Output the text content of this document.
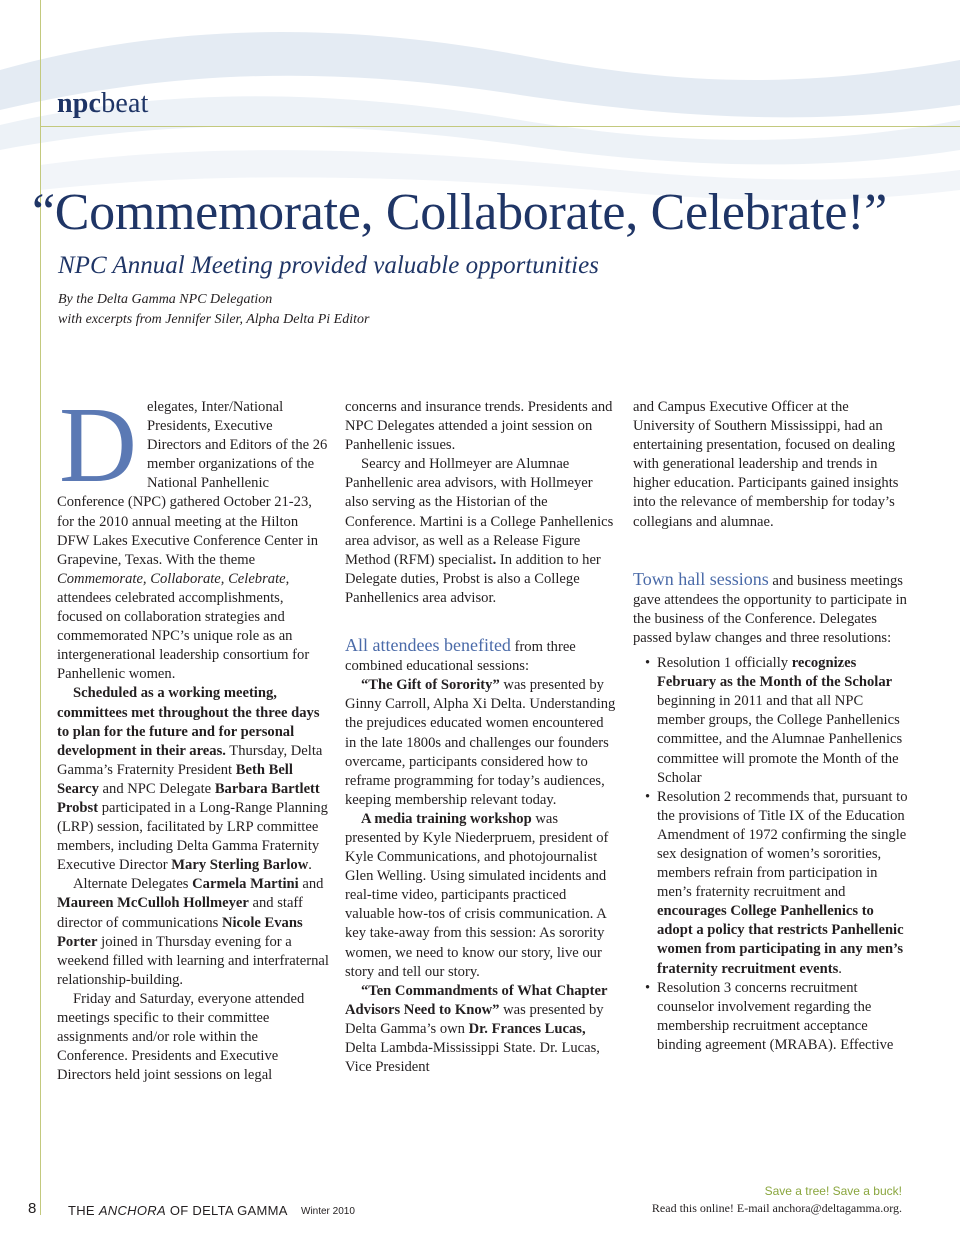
npcbeat
“Commemorate, Collaborate, Celebrate!”
NPC Annual Meeting provided valuable opportunities
By the Delta Gamma NPC Delegation
with excerpts from Jennifer Siler, Alpha Delta Pi Editor

Delegates, Inter/National Presidents, Executive Directors and Editors of the 26 member organizations of the National Panhellenic Conference (NPC) gathered October 21-23, for the 2010 annual meeting at the Hilton DFW Lakes Executive Conference Center in Grapevine, Texas. With the theme Commemorate, Collaborate, Celebrate, attendees celebrated accomplishments, focused on collaboration strategies and commemorated NPC’s unique role as an intergenerational leadership consortium for Panhellenic women.

Scheduled as a working meeting, committees met throughout the three days to plan for the future and for personal development in their areas. Thursday, Delta Gamma’s Fraternity President Beth Bell Searcy and NPC Delegate Barbara Bartlett Probst participated in a Long-Range Planning (LRP) session, facilitated by LRP committee members, including Delta Gamma Fraternity Executive Director Mary Sterling Barlow.

Alternate Delegates Carmela Martini and Maureen McCulloh Hollmeyer and staff director of communications Nicole Evans Porter joined in Thursday evening for a weekend filled with learning and interfraternal relationship-building.

Friday and Saturday, everyone attended meetings specific to their committee assignments and/or role within the Conference. Presidents and Executive Directors held joint sessions on legal

concerns and insurance trends. Presidents and NPC Delegates attended a joint session on Panhellenic issues.

Searcy and Hollmeyer are Alumnae Panhellenic area advisors, with Hollmeyer also serving as the Historian of the Conference. Martini is a College Panhellenics area advisor, as well as a Release Figure Method (RFM) specialist. In addition to her Delegate duties, Probst is also a College Panhellenics area advisor.

All attendees benefited from three combined educational sessions:

“The Gift of Sorority” was presented by Ginny Carroll, Alpha Xi Delta. Understanding the prejudices educated women encountered in the late 1800s and challenges our founders overcame, participants considered how to reframe programming for today’s audiences, keeping membership relevant today.

A media training workshop was presented by Kyle Niederpruem, president of Kyle Communications, and photojournalist Glen Welling. Using simulated incidents and real-time video, participants practiced valuable how-tos of crisis communication. A key take-away from this session: As sorority women, we need to know our story, live our story and tell our story.

“Ten Commandments of What Chapter Advisors Need to Know” was presented by Delta Gamma’s own Dr. Frances Lucas, Delta Lambda-Mississippi State. Dr. Lucas, Vice President

and Campus Executive Officer at the University of Southern Mississippi, had an entertaining presentation, focused on dealing with generational leadership and trends in higher education. Participants gained insights into the relevance of membership for today’s collegians and alumnae.

Town hall sessions and business meetings gave attendees the opportunity to participate in the business of the Conference. Delegates passed bylaw changes and three resolutions:

• Resolution 1 officially recognizes February as the Month of the Scholar beginning in 2011 and that all NPC member groups, the College Panhellenics committee, and the Alumnae Panhellenics committee will promote the Month of the Scholar
• Resolution 2 recommends that, pursuant to the provisions of Title IX of the Education Amendment of 1972 confirming the single sex designation of women’s sororities, members refrain from participation in men’s fraternity recruitment and encourages College Panhellenics to adopt a policy that restricts Panhellenic women from participating in any men’s fraternity recruitment events.
• Resolution 3 concerns recruitment counselor involvement regarding the membership recruitment acceptance binding agreement (MRABA). Effective
8 THE ANCHORA OF DELTA GAMMA Winter 2010
Save a tree! Save a buck!
Read this online! E-mail anchora@deltagamma.org.
